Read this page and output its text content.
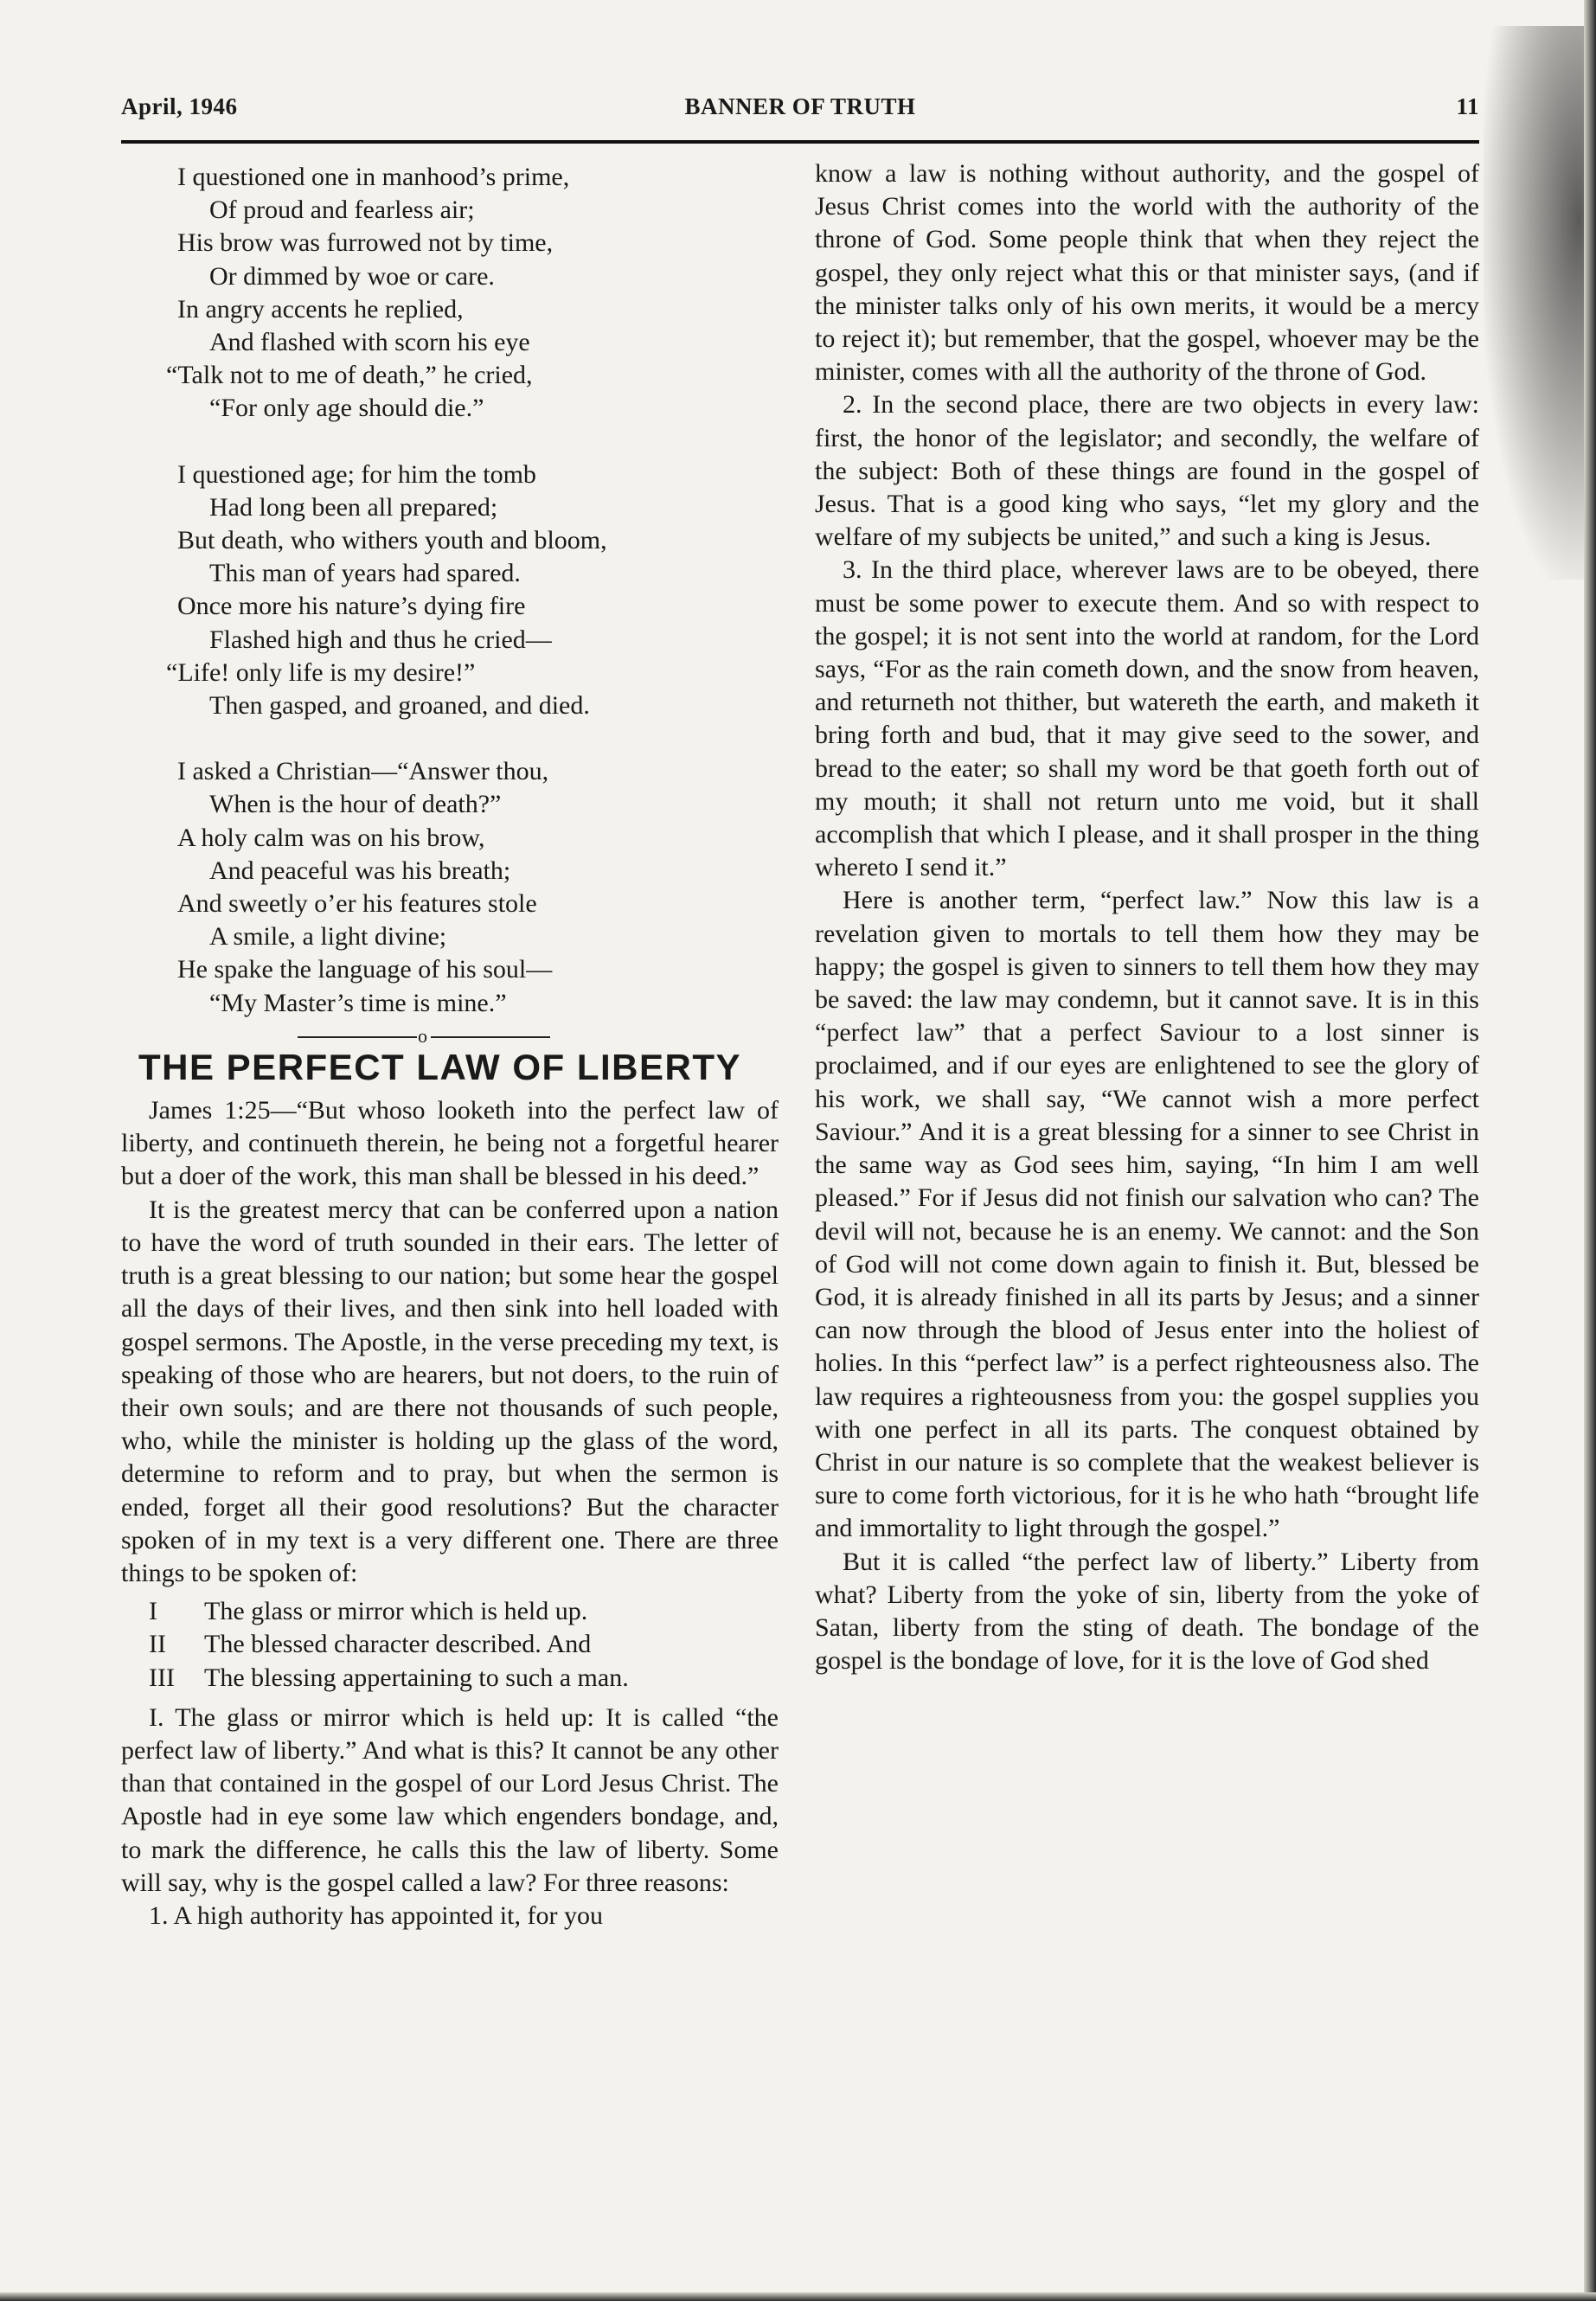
April, 1946	BANNER OF TRUTH	11
I questioned one in manhood’s prime,
Of proud and fearless air;
His brow was furrowed not by time,
Or dimmed by woe or care.
In angry accents he replied,
And flashed with scorn his eye
“Talk not to me of death,” he cried,
“For only age should die.”
I questioned age; for him the tomb
Had long been all prepared;
But death, who withers youth and bloom,
This man of years had spared.
Once more his nature’s dying fire
Flashed high and thus he cried—
“Life! only life is my desire!”
Then gasped, and groaned, and died.
I asked a Christian—“Answer thou,
When is the hour of death?”
A holy calm was on his brow,
And peaceful was his breath;
And sweetly o’er his features stole
A smile, a light divine;
He spake the language of his soul—
“My Master’s time is mine.”
o
THE PERFECT LAW OF LIBERTY

James 1:25—“But whoso looketh into the perfect law of liberty, and continueth therein, he being not a forgetful hearer but a doer of the work, this man shall be blessed in his deed.”

It is the greatest mercy that can be conferred upon a nation to have the word of truth sounded in their ears. The letter of truth is a great blessing to our nation; but some hear the gospel all the days of their lives, and then sink into hell loaded with gospel sermons. The Apostle, in the verse preceding my text, is speaking of those who are hearers, but not doers, to the ruin of their own souls; and are there not thousands of such people, who, while the minister is holding up the glass of the word, determine to reform and to pray, but when the sermon is ended, forget all their good resolutions? But the character spoken of in my text is a very different one. There are three things to be spoken of:

I The glass or mirror which is held up.
II The blessed character described. And
III The blessing appertaining to such a man.

I. The glass or mirror which is held up: It is called “the perfect law of liberty.” And what is this? It cannot be any other than that contained in the gospel of our Lord Jesus Christ. The Apostle had in eye some law which engenders bondage, and, to mark the difference, he calls this the law of liberty. Some will say, why is the gospel called a law? For three reasons:

1. A high authority has appointed it, for you

know a law is nothing without authority, and the gospel of Jesus Christ comes into the world with the authority of the throne of God. Some people think that when they reject the gospel, they only reject what this or that minister says, (and if the minister talks only of his own merits, it would be a mercy to reject it); but remember, that the gospel, whoever may be the minister, comes with all the authority of the throne of God.

2. In the second place, there are two objects in every law: first, the honor of the legislator; and secondly, the welfare of the subject: Both of these things are found in the gospel of Jesus. That is a good king who says, “let my glory and the welfare of my subjects be united,” and such a king is Jesus.

3. In the third place, wherever laws are to be obeyed, there must be some power to execute them. And so with respect to the gospel; it is not sent into the world at random, for the Lord says, “For as the rain cometh down, and the snow from heaven, and returneth not thither, but watereth the earth, and maketh it bring forth and bud, that it may give seed to the sower, and bread to the eater; so shall my word be that goeth forth out of my mouth; it shall not return unto me void, but it shall accomplish that which I please, and it shall prosper in the thing whereto I send it.”

Here is another term, “perfect law.” Now this law is a revelation given to mortals to tell them how they may be happy; the gospel is given to sinners to tell them how they may be saved: the law may condemn, but it cannot save. It is in this “perfect law” that a perfect Saviour to a lost sinner is proclaimed, and if our eyes are enlightened to see the glory of his work, we shall say, “We cannot wish a more perfect Saviour.” And it is a great blessing for a sinner to see Christ in the same way as God sees him, saying, “In him I am well pleased.” For if Jesus did not finish our salvation who can? The devil will not, because he is an enemy. We cannot: and the Son of God will not come down again to finish it. But, blessed be God, it is already finished in all its parts by Jesus; and a sinner can now through the blood of Jesus enter into the holiest of holies. In this “perfect law” is a perfect righteousness also. The law requires a righteousness from you: the gospel supplies you with one perfect in all its parts. The conquest obtained by Christ in our nature is so complete that the weakest believer is sure to come forth victorious, for it is he who hath “brought life and immortality to light through the gospel.”

But it is called “the perfect law of liberty.” Liberty from what? Liberty from the yoke of sin, liberty from the yoke of Satan, liberty from the sting of death. The bondage of the gospel is the bondage of love, for it is the love of God shed
